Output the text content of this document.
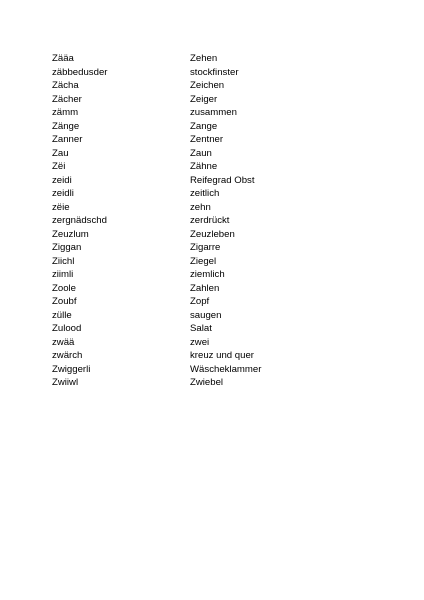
Zääa	Zehen
zäbbedusder	stockfinster
Zächa	Zeichen
Zächer	Zeiger
zämm	zusammen
Zänge	Zange
Zanner	Zentner
Zau	Zaun
Zëi	Zähne
zeidi	Reifegrad Obst
zeidli	zeitlich
zëie	zehn
zergnädschd	zerdrückt
Zeuzlum	Zeuzleben
Ziggan	Zigarre
Ziichl	Ziegel
ziimli	ziemlich
Zoole	Zahlen
Zoubf	Zopf
zülle	saugen
Zulood	Salat
zwää	zwei
zwärch	kreuz und quer
Zwiggerli	Wäscheklammer
Zwiiwl	Zwiebel
